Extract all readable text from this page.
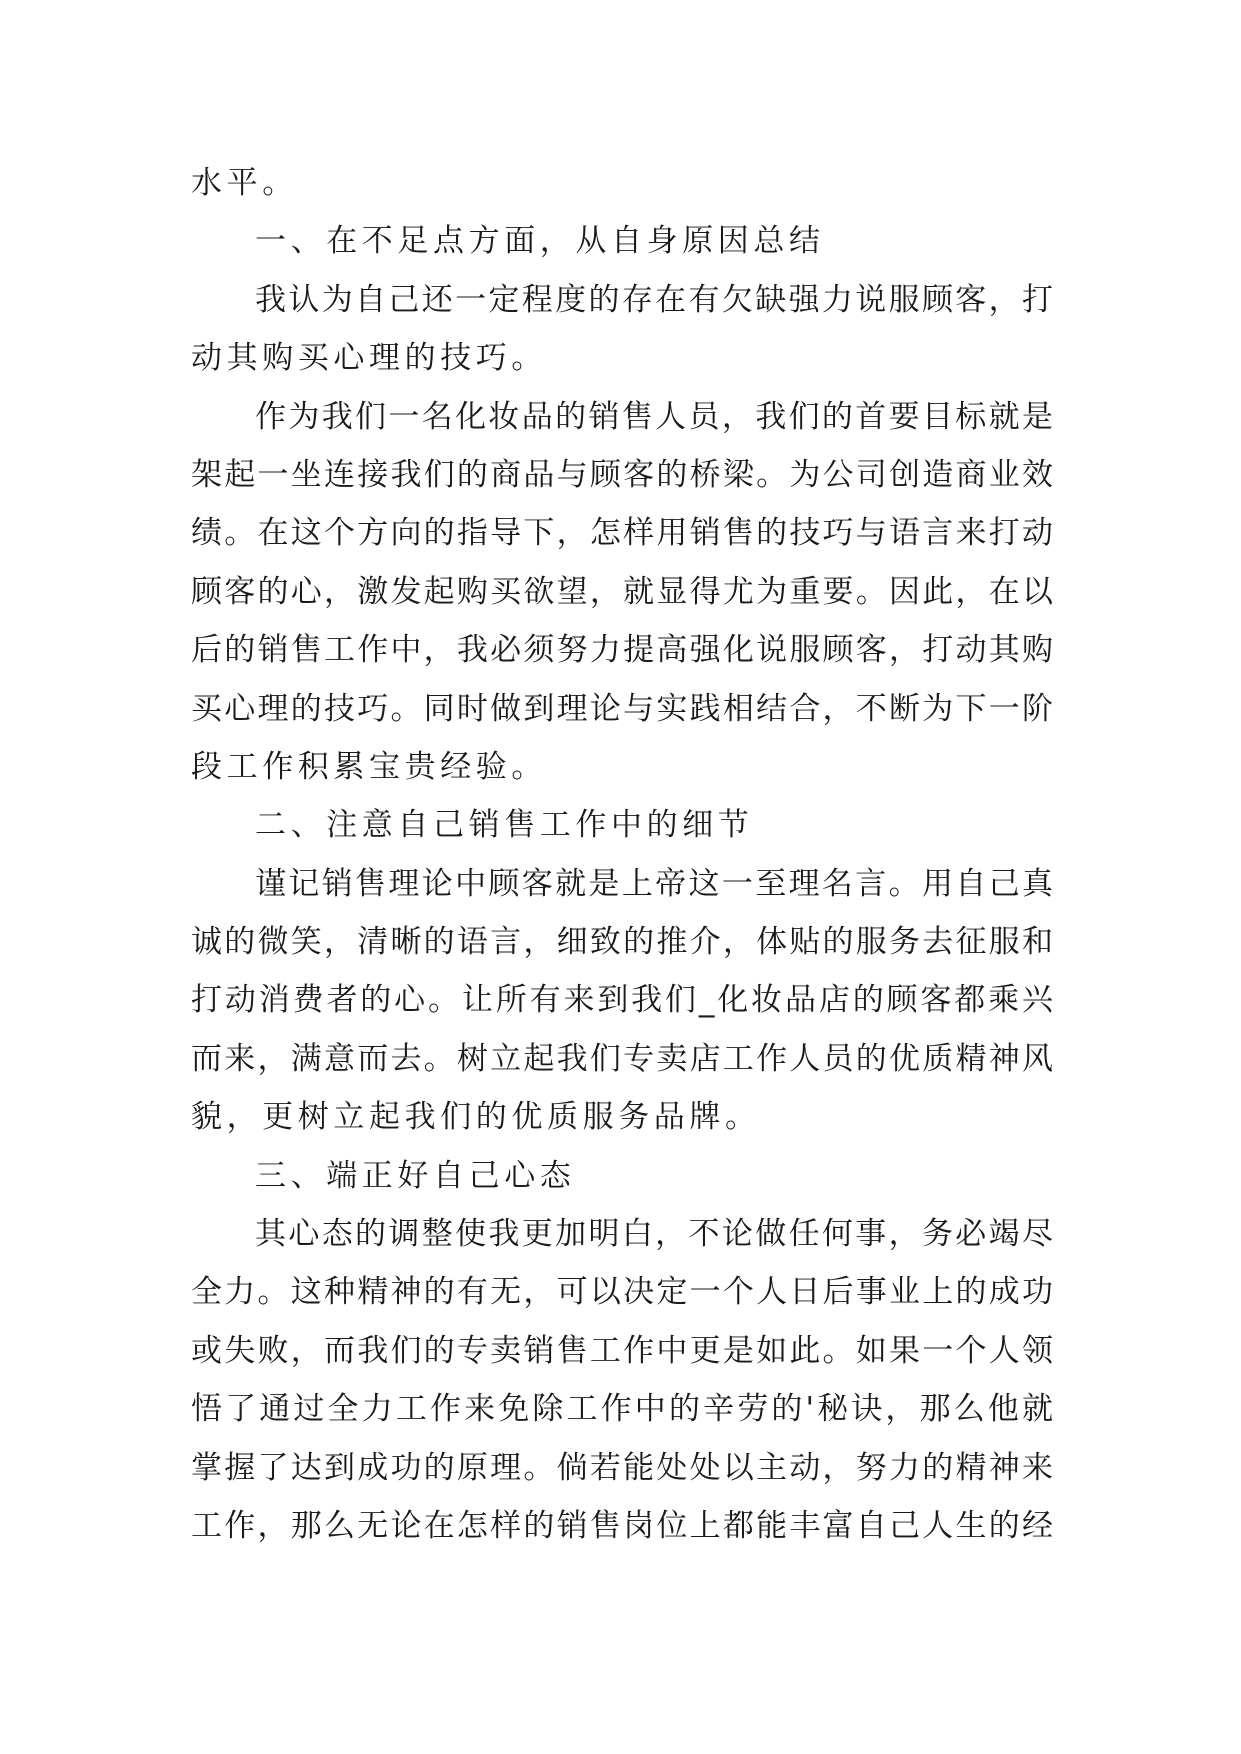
水平。
一、在不足点方面，从自身原因总结
我认为自己还一定程度的存在有欠缺强力说服顾客，打
动其购买心理的技巧。
作为我们一名化妆品的销售人员，我们的首要目标就是
架起一坐连接我们的商品与顾客的桥梁。为公司创造商业效
绩。在这个方向的指导下，怎样用销售的技巧与语言来打动
顾客的心，激发起购买欲望，就显得尤为重要。因此，在以
后的销售工作中，我必须努力提高强化说服顾客，打动其购
买心理的技巧。同时做到理论与实践相结合，不断为下一阶
段工作积累宝贵经验。
二、注意自己销售工作中的细节
谨记销售理论中顾客就是上帝这一至理名言。用自己真
诚的微笑，清晰的语言，细致的推介，体贴的服务去征服和
打动消费者的心。让所有来到我们_化妆品店的顾客都乘兴
而来，满意而去。树立起我们专卖店工作人员的优质精神风
貌，更树立起我们的优质服务品牌。
三、端正好自己心态
其心态的调整使我更加明白，不论做任何事，务必竭尽
全力。这种精神的有无，可以决定一个人日后事业上的成功
或失败，而我们的专卖销售工作中更是如此。如果一个人领
悟了通过全力工作来免除工作中的辛劳的'秘诀，那么他就
掌握了达到成功的原理。倘若能处处以主动，努力的精神来
工作，那么无论在怎样的销售岗位上都能丰富自己人生的经
